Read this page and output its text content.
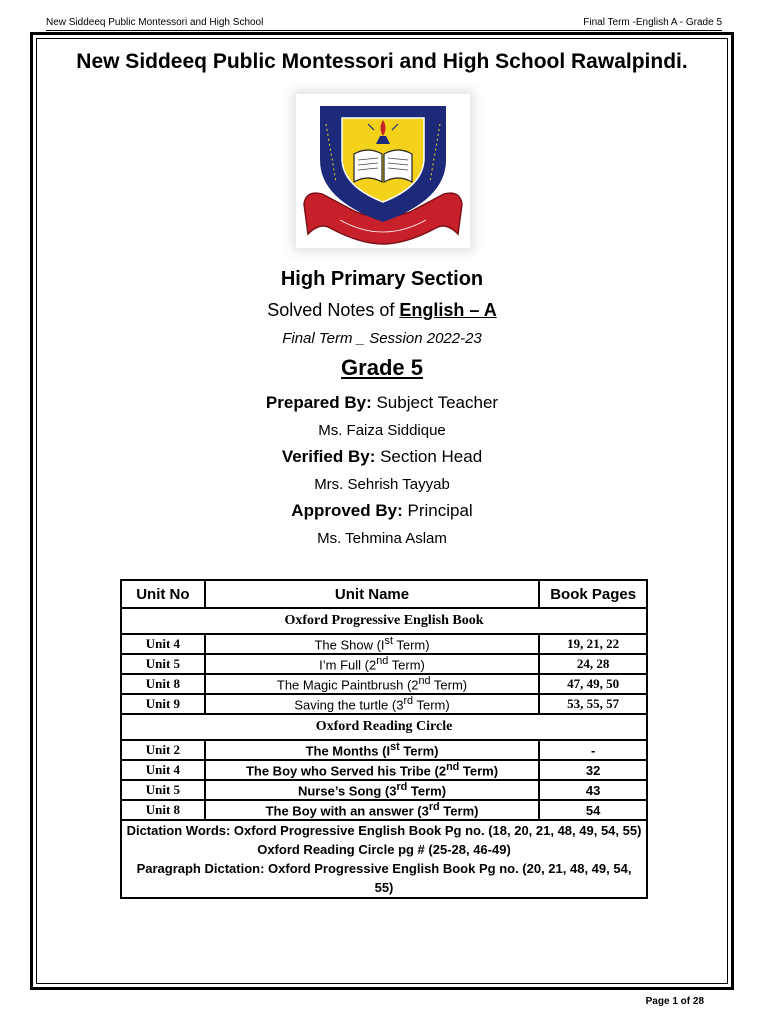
New Siddeeq Public Montessori and High School	Final Term -English A - Grade 5
New Siddeeq Public Montessori and High School Rawalpindi.
High Primary Section
Solved Notes of English – A
Final Term _ Session 2022-23
Grade 5
Prepared By: Subject Teacher
Ms. Faiza Siddique
Verified By: Section Head
Mrs. Sehrish Tayyab
Approved By: Principal
Ms. Tehmina Aslam
Unit No	Unit Name	Book Pages
Oxford Progressive English Book		
Unit 4	The Show (Ist Term)	19, 21, 22
Unit 5	I’m Full (2nd Term)	24, 28
Unit 8	The Magic Paintbrush (2nd Term)	47, 49, 50
Unit 9	Saving the turtle (3rd Term)	53, 55, 57
Oxford Reading Circle		
Unit 2	The Months (Ist Term)	-
Unit 4	The Boy who Served his Tribe (2nd Term)	32
Unit 5	Nurse’s Song (3rd Term)	43
Unit 8	The Boy with an answer (3rd Term)	54

Dictation Words: Oxford Progressive English Book Pg no. (18, 20, 21, 48, 49, 54, 55)
Oxford Reading Circle pg # (25-28, 46-49)
Paragraph Dictation: Oxford Progressive English Book Pg no. (20, 21, 48, 49, 54, 55)		
Page 1 of 28
